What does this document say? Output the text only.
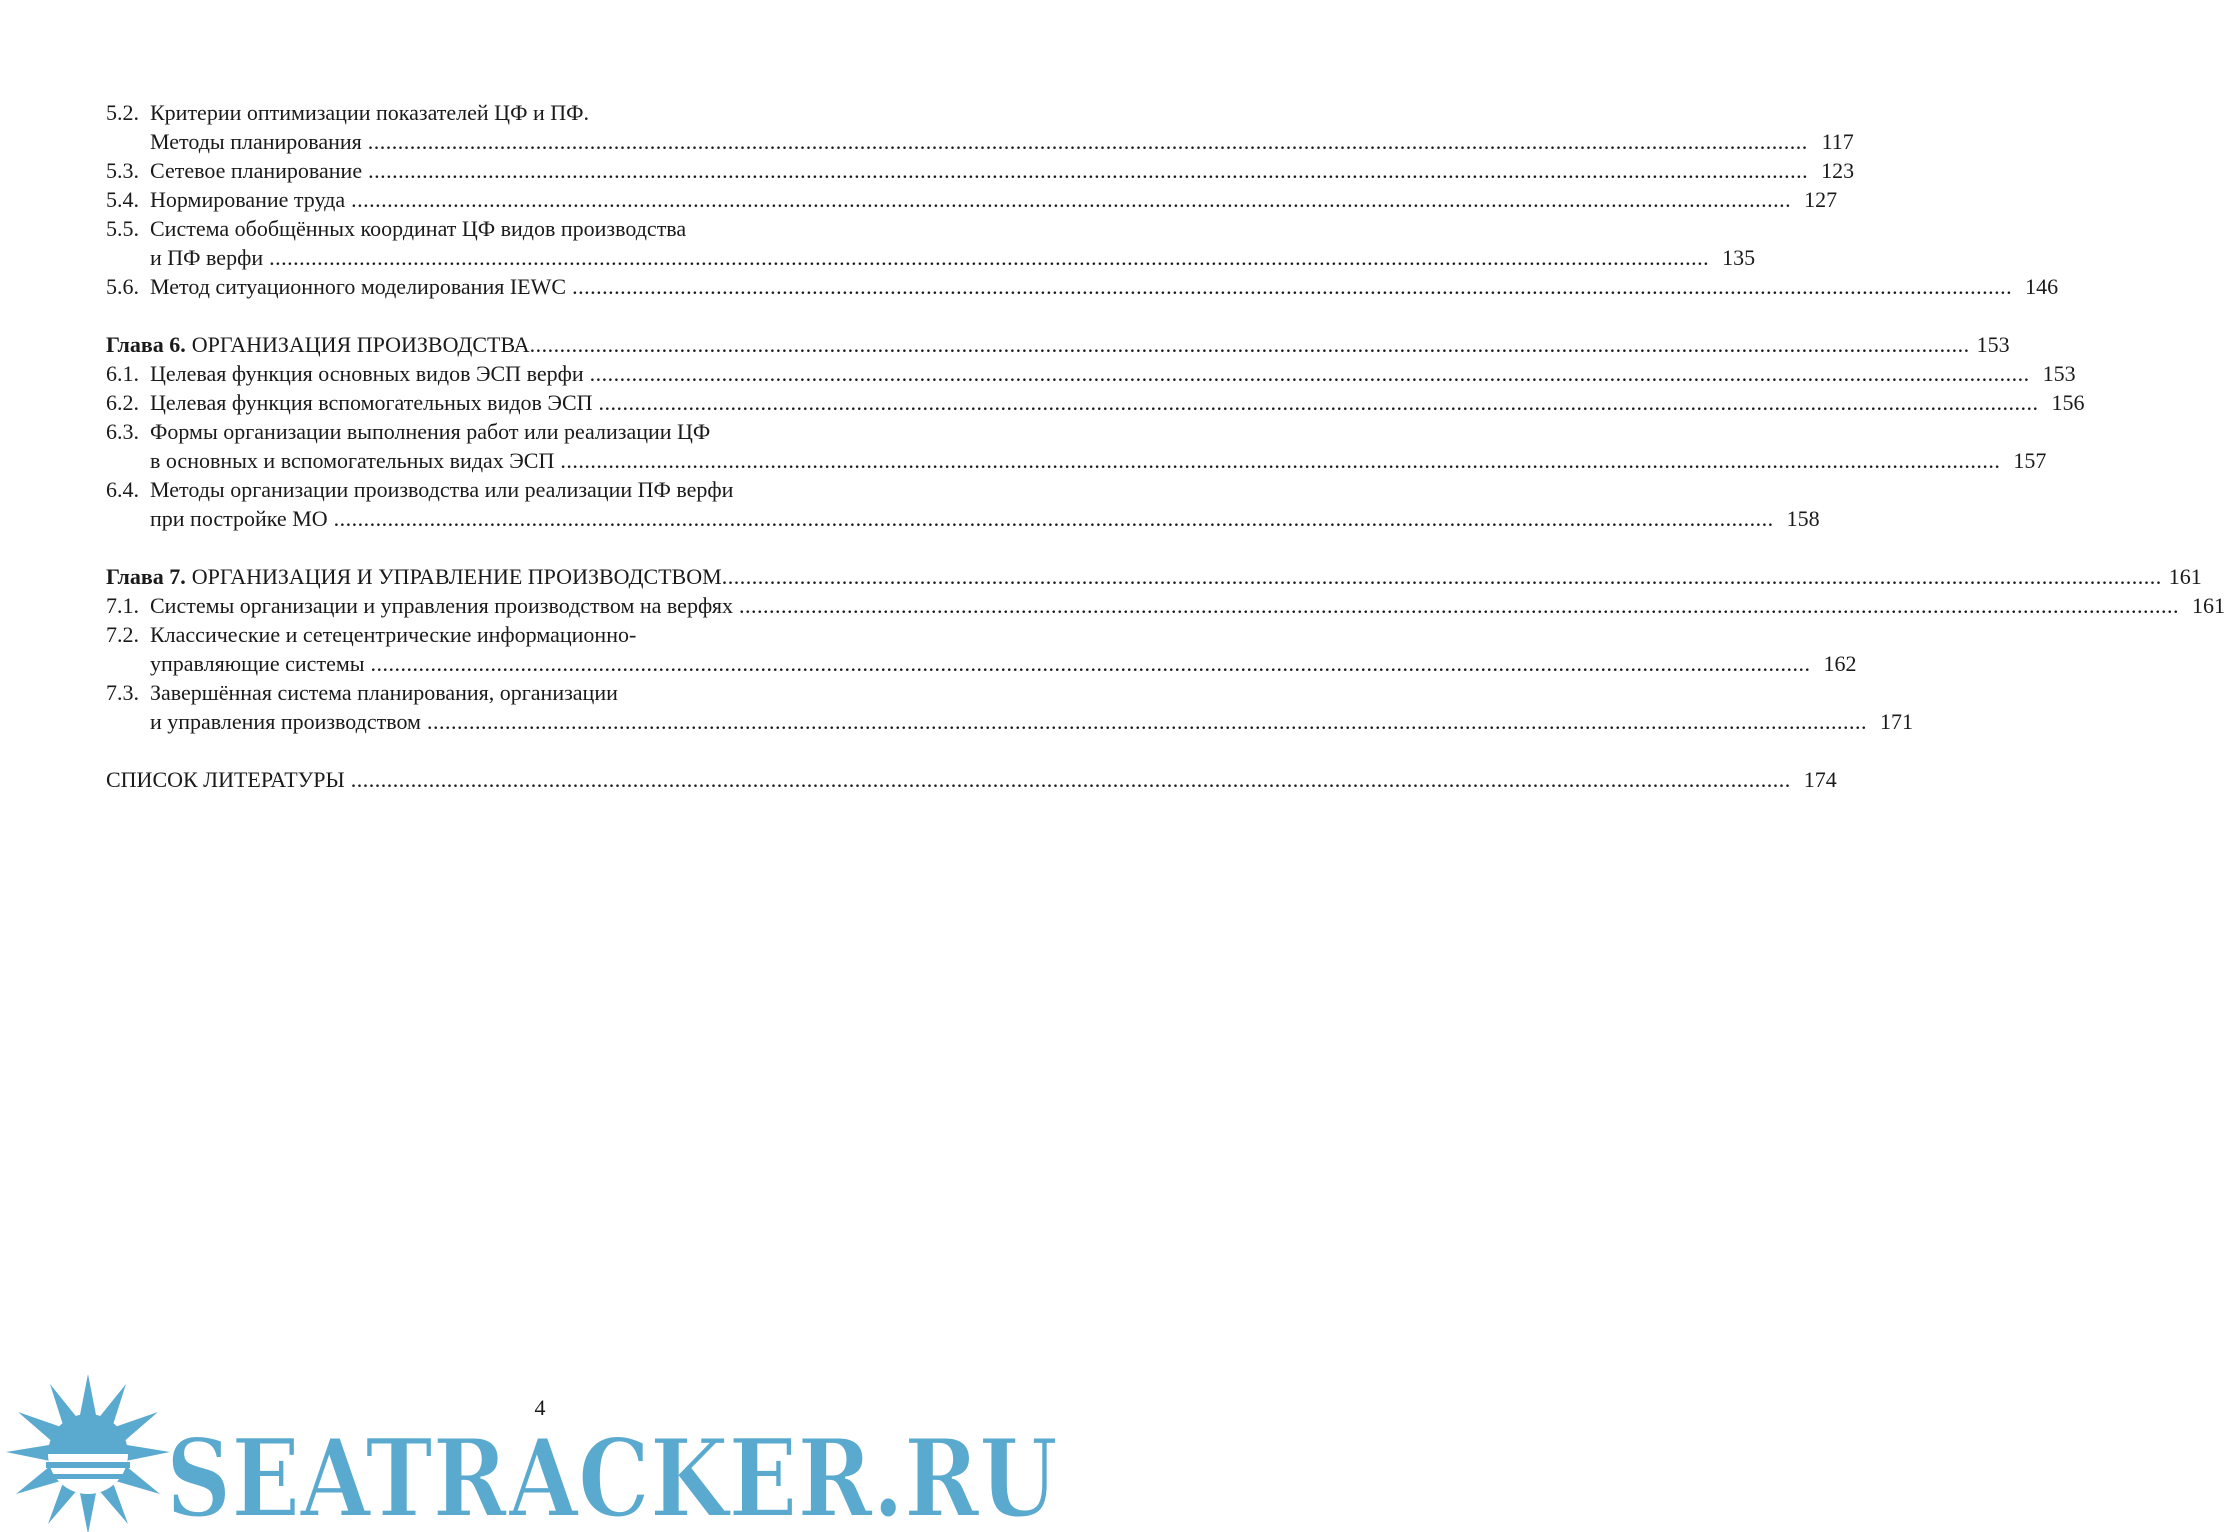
5.2. Критерии оптимизации показателей ЦФ и ПФ.
Методы планирования .....	117
5.3. Сетевое планирование .....	123
5.4. Нормирование труда .....	127
5.5. Система обобщённых координат ЦФ видов производства
и ПФ верфи .....	135
5.6. Метод ситуационного моделирования IEWC .....	146
Глава 6. ОРГАНИЗАЦИЯ ПРОИЗВОДСТВА .....	153
6.1. Целевая функция основных видов ЭСП верфи .....	153
6.2. Целевая функция вспомогательных видов ЭСП .....	156
6.3. Формы организации выполнения работ или реализации ЦФ
в основных и вспомогательных видах ЭСП .....	157
6.4. Методы организации производства или реализации ПФ верфи
при постройке МО .....	158
Глава 7. ОРГАНИЗАЦИЯ И УПРАВЛЕНИЕ ПРОИЗВОДСТВОМ .....	161
7.1. Системы организации и управления производством на верфях .....	161
7.2. Классические и сетецентрические информационно-
управляющие системы .....	162
7.3. Завершённая система планирования, организации
и управления производством .....	171
СПИСОК ЛИТЕРАТУРЫ .....	174
4
SEATRACKER.RU
